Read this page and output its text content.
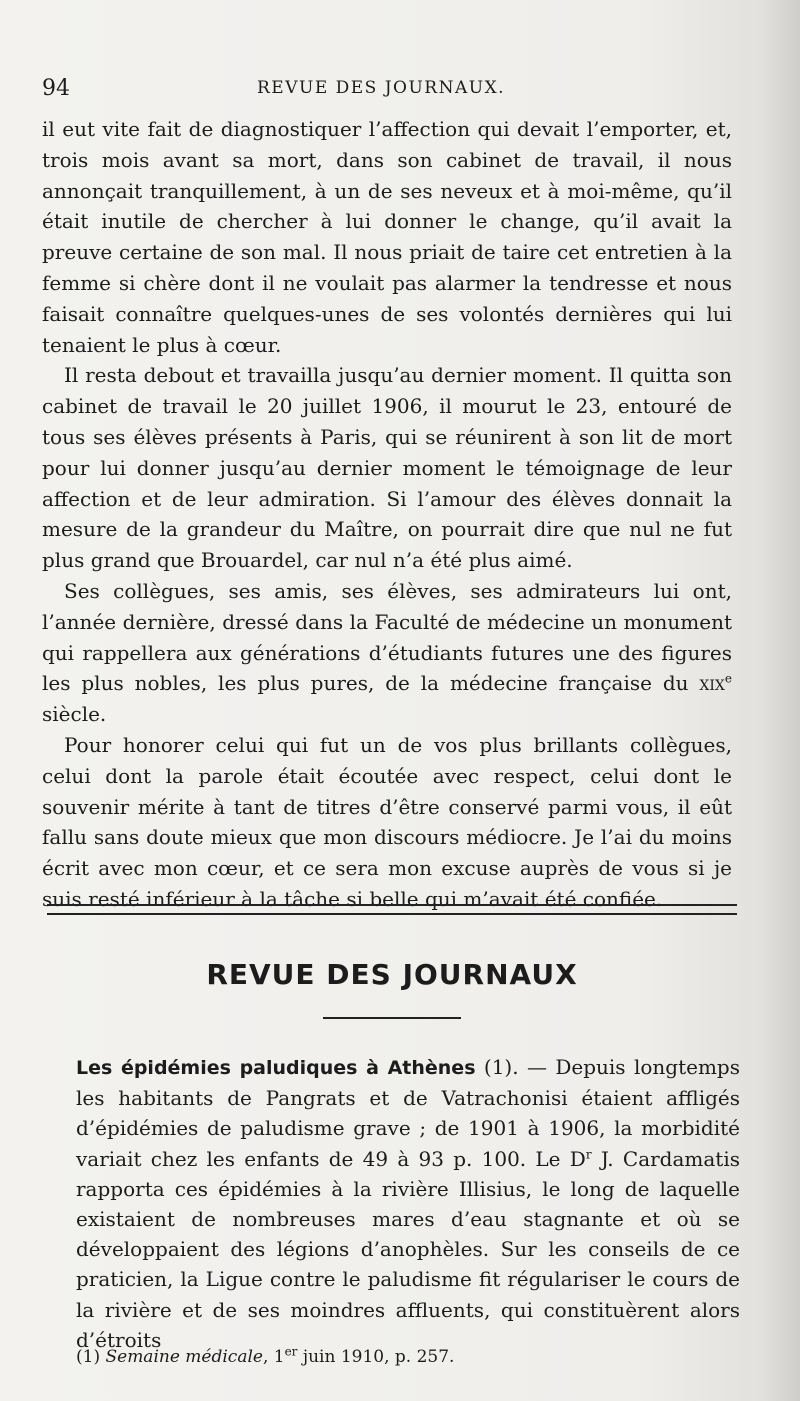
94	REVUE DES JOURNAUX.

il eut vite fait de diagnostiquer l’affection qui devait l’emporter, et, trois mois avant sa mort, dans son cabinet de travail, il nous annonçait tranquillement, à un de ses neveux et à moi-même, qu’il était inutile de chercher à lui donner le change, qu’il avait la preuve certaine de son mal. Il nous priait de taire cet entretien à la femme si chère dont il ne voulait pas alarmer la tendresse et nous faisait connaître quelques-unes de ses volontés dernières qui lui tenaient le plus à cœur.

Il resta debout et travailla jusqu’au dernier moment. Il quitta son cabinet de travail le 20 juillet 1906, il mourut le 23, entouré de tous ses élèves présents à Paris, qui se réunirent à son lit de mort pour lui donner jusqu’au dernier moment le témoignage de leur affection et de leur admiration. Si l’amour des élèves donnait la mesure de la grandeur du Maître, on pourrait dire que nul ne fut plus grand que Brouardel, car nul n’a été plus aimé.

Ses collègues, ses amis, ses élèves, ses admirateurs lui ont, l’année dernière, dressé dans la Faculté de médecine un monument qui rappellera aux générations d’étudiants futures une des figures les plus nobles, les plus pures, de la médecine française du xix$^e$ siècle.

Pour honorer celui qui fut un de vos plus brillants collègues, celui dont la parole était écoutée avec respect, celui dont le souvenir mérite à tant de titres d’être conservé parmi vous, il eût fallu sans doute mieux que mon discours médiocre. Je l’ai du moins écrit avec mon cœur, et ce sera mon excuse auprès de vous si je suis resté inférieur à la tâche si belle qui m’avait été confiée.

REVUE DES JOURNAUX
Les épidémies paludiques à Athènes (1). — Depuis longtemps les habitants de Pangrats et de Vatrachonisi étaient affligés d’épidémies de paludisme grave ; de 1901 à 1906, la morbidité variait chez les enfants de 49 à 93 p. 100. Le $D^r$ J. Cardamatis rapporta ces épidémies à la rivière Illisius, le long de laquelle existaient de nombreuses mares d’eau stagnante et où se développaient des légions d’anophèles. Sur les conseils de ce praticien, la Ligue contre le paludisme fit régulariser le cours de la rivière et de ses moindres affluents, qui constituèrent alors d’étroits
(1) Semaine médicale, 1er juin 1910, p. 257.
